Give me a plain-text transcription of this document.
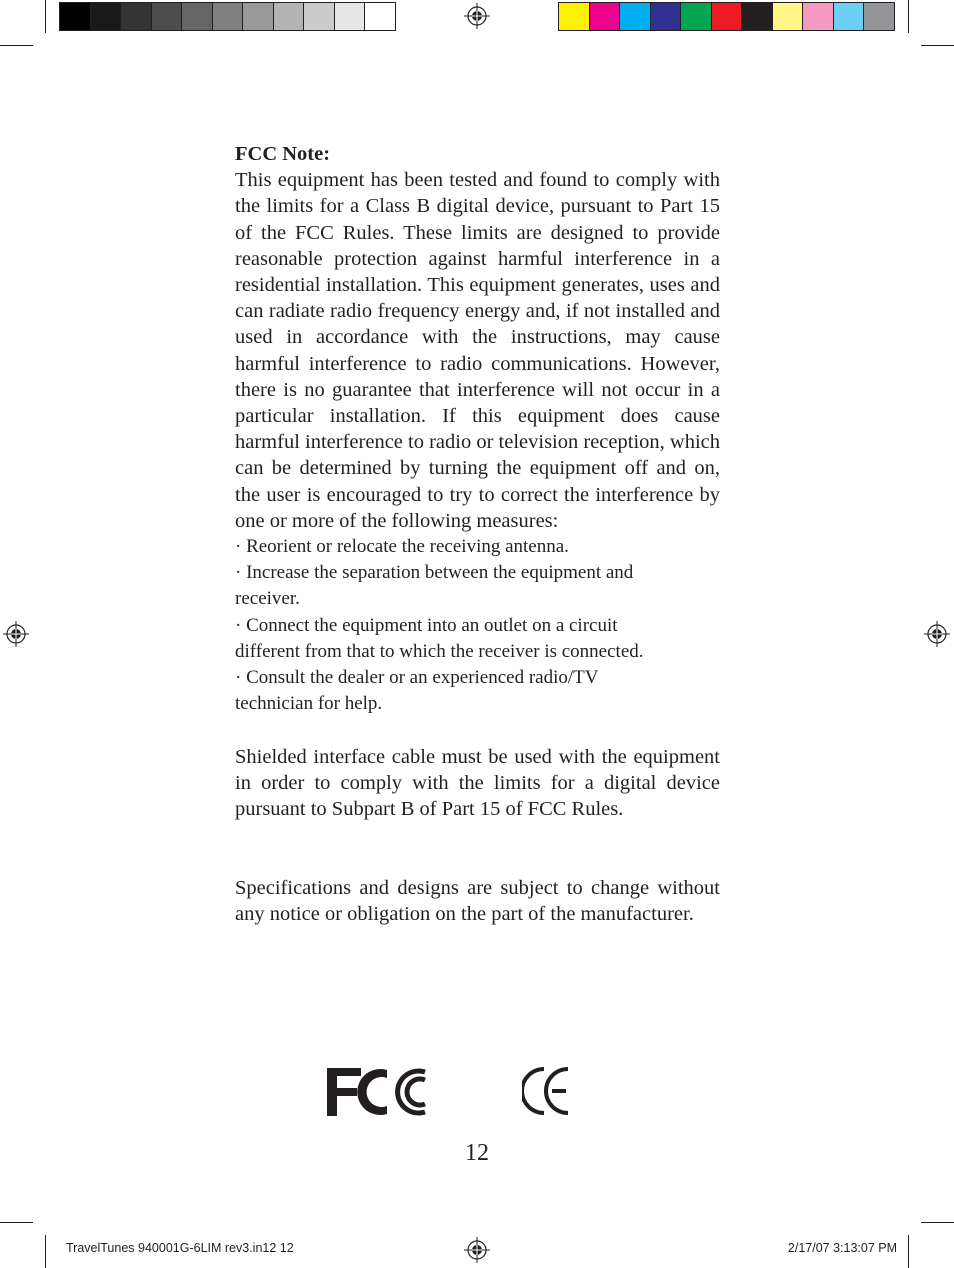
FCC Note:

This equipment has been tested and found to comply with the limits for a Class B digital device, pursuant to Part 15 of the FCC Rules. These limits are designed to provide reasonable protection against harmful interference in a residential installation. This equipment generates, uses and can radiate radio frequency energy and, if not installed and used in accordance with the instructions, may cause harmful interference to radio communications. However, there is no guarantee that interference will not occur in a particular installation. If this equipment does cause harmful interference to radio or television reception, which can be determined by turning the equipment off and on, the user is encouraged to try to correct the interference by one or more of the following measures:

· Reorient or relocate the receiving antenna.

· Increase the separation between the equipment and receiver.

· Connect the equipment into an outlet on a circuit different from that to which the receiver is connected.

· Consult the dealer or an experienced radio/TV technician for help.

Shielded interface cable must be used with the equipment in order to comply with the limits for a digital device pursuant to Subpart B of Part 15 of FCC Rules.

Specifications and designs are subject to change without any notice or obligation on the part of the manufacturer.

12
TravelTunes 940001G-6LIM rev3.in12 12	2/17/07 3:13:07 PM
